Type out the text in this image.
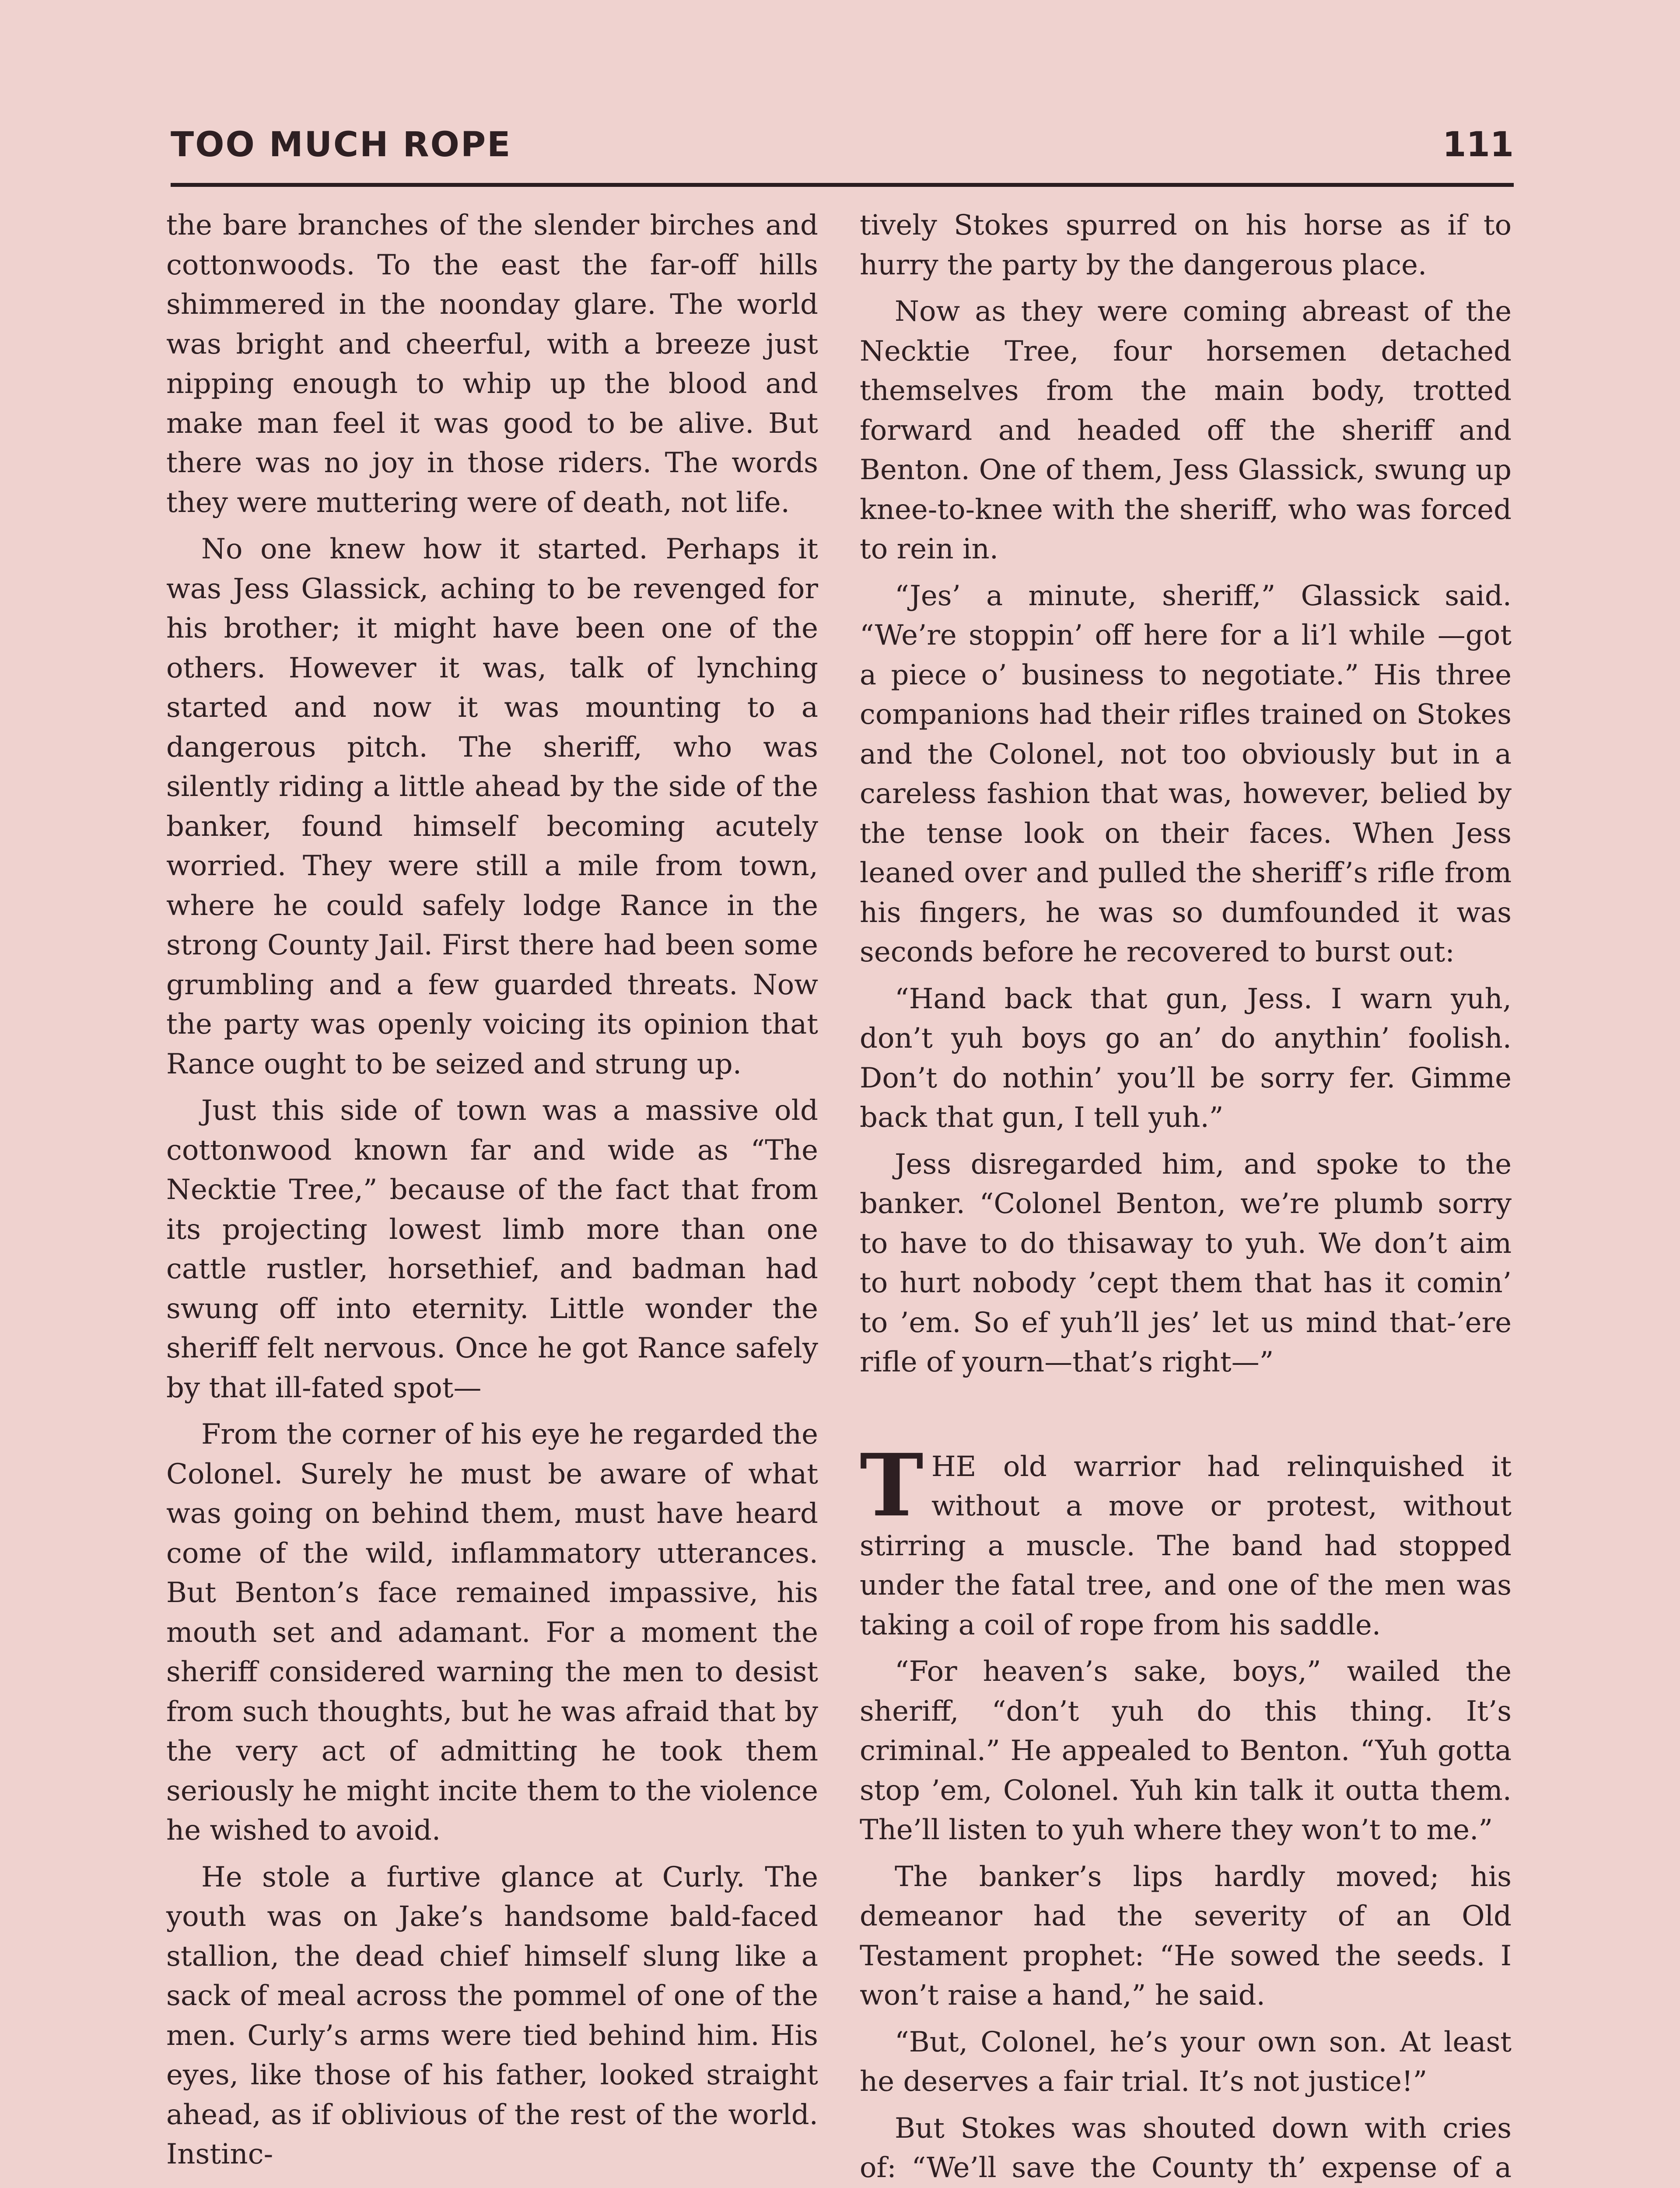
TOO MUCH ROPE	111

the bare branches of the slender birches and cottonwoods. To the east the far-off hills shimmered in the noonday glare. The world was bright and cheerful, with a breeze just nipping enough to whip up the blood and make man feel it was good to be alive. But there was no joy in those riders. The words they were muttering were of death, not life.

No one knew how it started. Perhaps it was Jess Glassick, aching to be revenged for his brother; it might have been one of the others. However it was, talk of lynching started and now it was mounting to a dangerous pitch. The sheriff, who was silently riding a little ahead by the side of the banker, found himself becoming acutely worried. They were still a mile from town, where he could safely lodge Rance in the strong County Jail. First there had been some grumbling and a few guarded threats. Now the party was openly voicing its opinion that Rance ought to be seized and strung up.

Just this side of town was a massive old cottonwood known far and wide as “The Necktie Tree,” because of the fact that from its projecting lowest limb more than one cattle rustler, horsethief, and badman had swung off into eternity. Little wonder the sheriff felt nervous. Once he got Rance safely by that ill-fated spot—

From the corner of his eye he regarded the Colonel. Surely he must be aware of what was going on behind them, must have heard come of the wild, inflammatory utterances. But Benton’s face remained impassive, his mouth set and adamant. For a moment the sheriff considered warning the men to desist from such thoughts, but he was afraid that by the very act of admitting he took them seriously he might incite them to the violence he wished to avoid.

He stole a furtive glance at Curly. The youth was on Jake’s handsome bald-faced stallion, the dead chief himself slung like a sack of meal across the pommel of one of the men. Curly’s arms were tied behind him. His eyes, like those of his father, looked straight ahead, as if oblivious of the rest of the world. Instinc-

tively Stokes spurred on his horse as if to hurry the party by the dangerous place.

Now as they were coming abreast of the Necktie Tree, four horsemen detached themselves from the main body, trotted forward and headed off the sheriff and Benton. One of them, Jess Glassick, swung up knee-to-knee with the sheriff, who was forced to rein in.

“Jes’ a minute, sheriff,” Glassick said. “We’re stoppin’ off here for a li’l while —got a piece o’ business to negotiate.” His three companions had their rifles trained on Stokes and the Colonel, not too obviously but in a careless fashion that was, however, belied by the tense look on their faces. When Jess leaned over and pulled the sheriff’s rifle from his fingers, he was so dumfounded it was seconds before he recovered to burst out:

“Hand back that gun, Jess. I warn yuh, don’t yuh boys go an’ do anythin’ foolish. Don’t do nothin’ you’ll be sorry fer. Gimme back that gun, I tell yuh.”

Jess disregarded him, and spoke to the banker. “Colonel Benton, we’re plumb sorry to have to do thisaway to yuh. We don’t aim to hurt nobody ’cept them that has it comin’ to ’em. So ef yuh’ll jes’ let us mind that-’ere rifle of yourn—that’s right—”

THE old warrior had relinquished it without a move or protest, without stirring a muscle. The band had stopped under the fatal tree, and one of the men was taking a coil of rope from his saddle.

“For heaven’s sake, boys,” wailed the sheriff, “don’t yuh do this thing. It’s criminal.” He appealed to Benton. “Yuh gotta stop ’em, Colonel. Yuh kin talk it outta them. The’ll listen to yuh where they won’t to me.”

The banker’s lips hardly moved; his demeanor had the severity of an Old Testament prophet: “He sowed the seeds. I won’t raise a hand,” he said.

“But, Colonel, he’s your own son. At least he deserves a fair trial. It’s not justice!”

But Stokes was shouted down with cries of: “We’ll save the County th’ expense of a
